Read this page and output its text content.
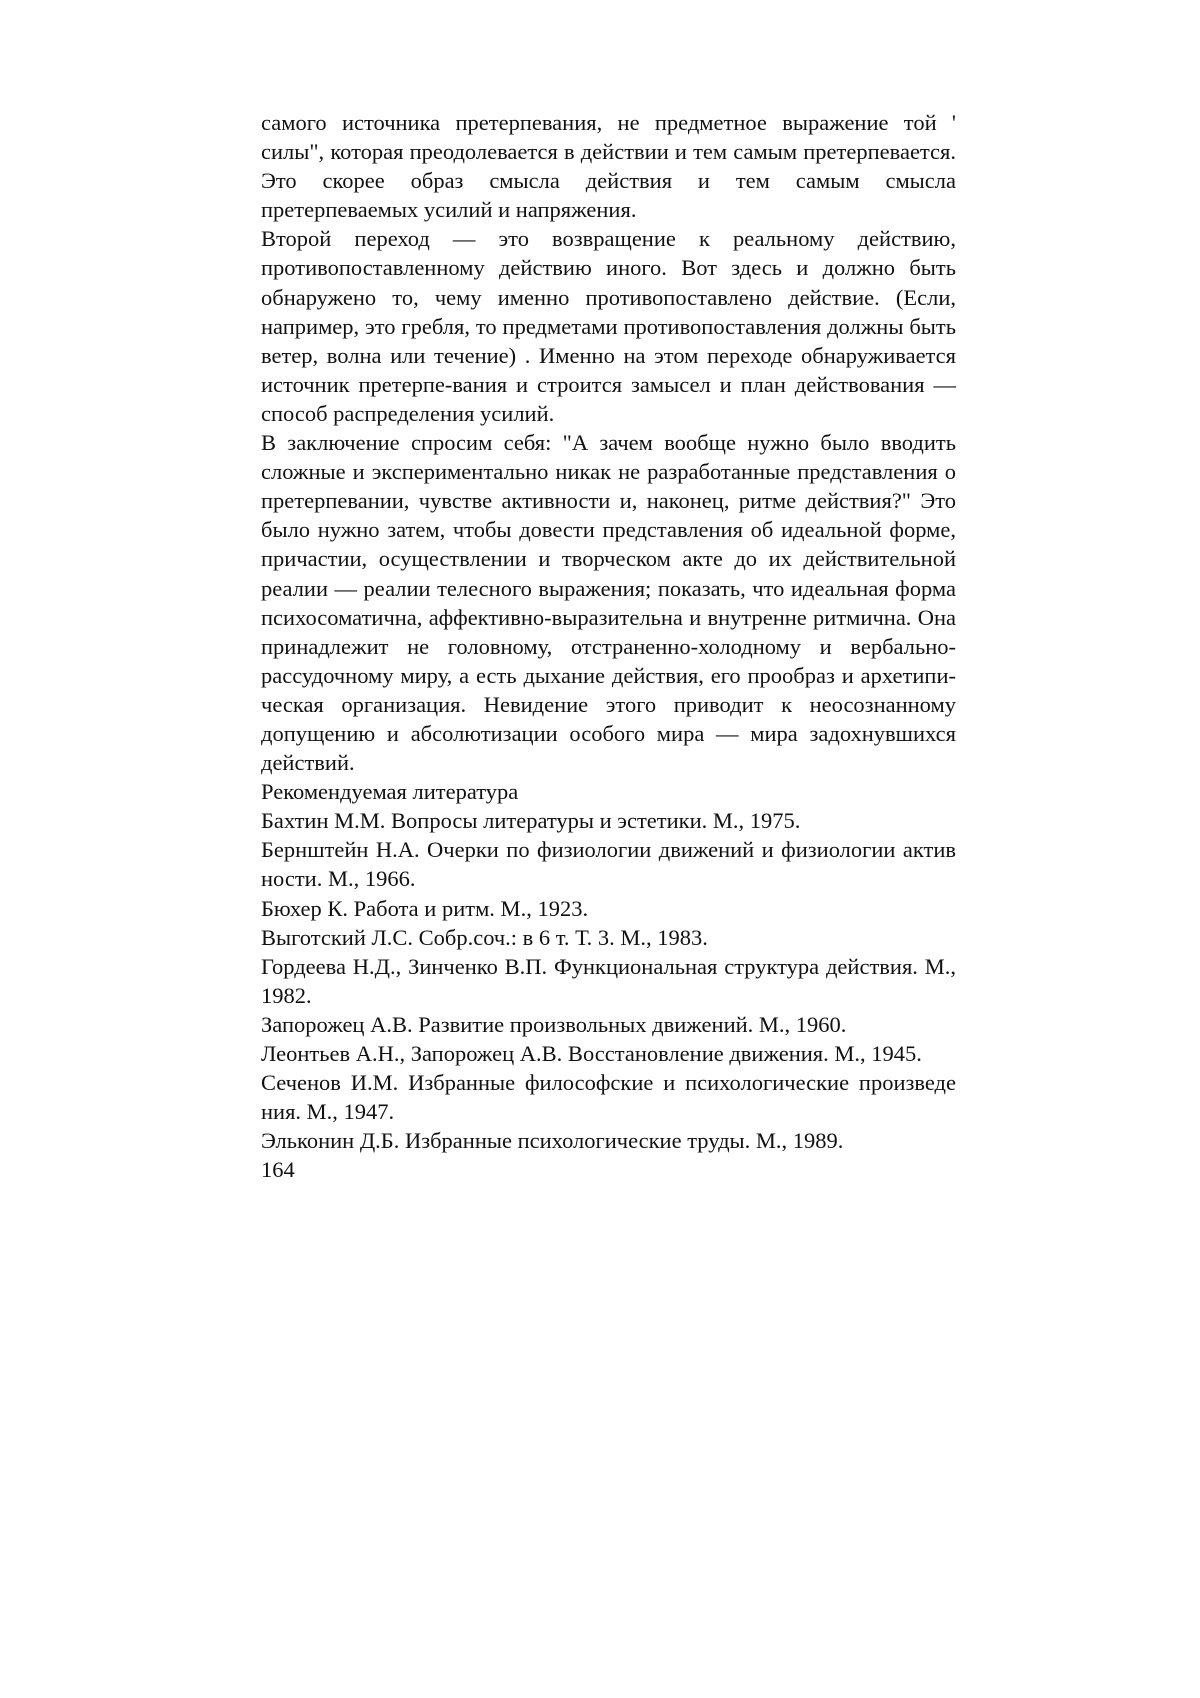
самого источника претерпевания, не предметное выражение той ' силы", которая преодолевается в действии и тем самым претерпевается. Это скорее образ смысла действия и тем самым смысла претерпеваемых усилий и напряжения.

Второй переход — это возвращение к реальному действию, противопоставленному действию иного. Вот здесь и должно быть обнаружено то, чему именно противопоставлено действие. (Если, например, это гребля, то предметами противопоставления должны быть ветер, волна или течение) . Именно на этом переходе обнаруживается источник претерпе-вания и строится замысел и план действования — способ распределения усилий.

В заключение спросим себя: "А зачем вообще нужно было вводить сложные и экспериментально никак не разработанные представления о претерпевании, чувстве активности и, наконец, ритме действия?" Это было нужно затем, чтобы довести представления об идеальной форме, причастии, осуществлении и творческом акте до их действительной реалии — реалии телесного выражения; показать, что идеальная форма психосоматична, аффективно-выразительна и внутренне ритмична. Она принадлежит не головному, отстраненно-холодному и вербально-рассудочному миру, а есть дыхание действия, его прообраз и архетипи-ческая организация. Невидение этого приводит к неосознанному допущению и абсолютизации особого мира — мира задохнувшихся действий.

Рекомендуемая литература

Бахтин М.М. Вопросы литературы и эстетики. М., 1975.

Бернштейн Н.А. Очерки по физиологии движений и физиологии актив ности. М., 1966.

Бюхер К. Работа и ритм. М., 1923.

Выготский Л.С. Собр.соч.: в 6 т. Т. 3. М., 1983.

Гордеева Н.Д., Зинченко В.П. Функциональная структура действия. М., 1982.

Запорожец А.В. Развитие произвольных движений. М., 1960.

Леонтьев А.Н., Запорожец А.В. Восстановление движения. М., 1945.

Сеченов И.М. Избранные философские и психологические произведе ния. М., 1947.

Эльконин Д.Б. Избранные психологические труды. М., 1989.

164
